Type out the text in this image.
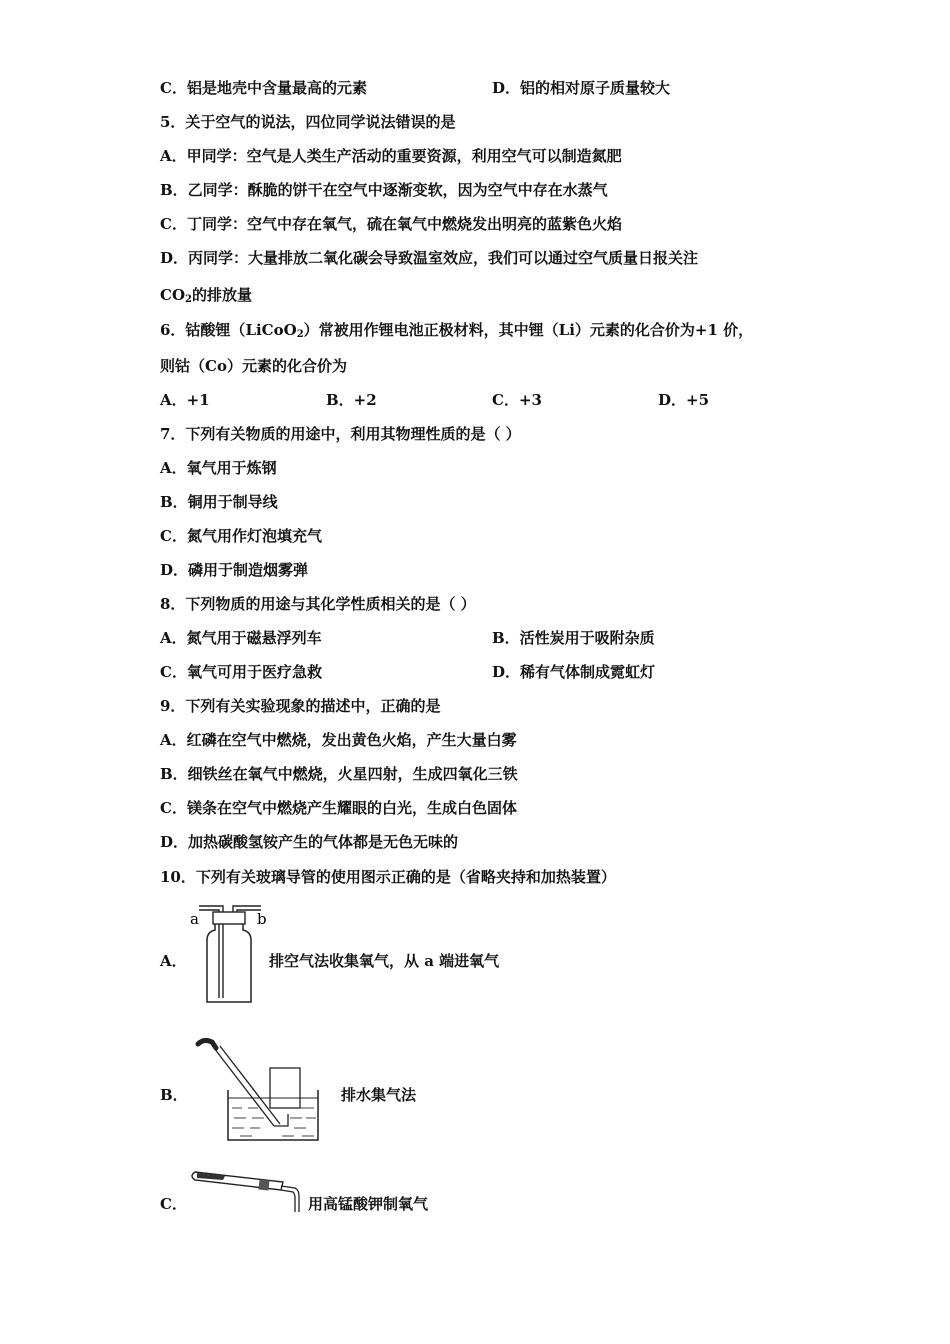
C．铝是地壳中含量最高的元素	D．铝的相对原子质量较大
5．关于空气的说法，四位同学说法错误的是
A．甲同学：空气是人类生产活动的重要资源，利用空气可以制造氮肥
B．乙同学：酥脆的饼干在空气中逐渐变软，因为空气中存在水蒸气
C．丁同学：空气中存在氧气，硫在氧气中燃烧发出明亮的蓝紫色火焰
D．丙同学：大量排放二氧化碳会导致温室效应，我们可以通过空气质量日报关注
$CO_2$的排放量
6．钴酸锂（LiCoO$_2$）常被用作锂电池正极材料，其中锂（Li）元素的化合价为+1 价，
则钴（Co）元素的化合价为
A．+1	B．+2	C．+3	D．+5
7．下列有关物质的用途中，利用其物理性质的是（ ）
A．氧气用于炼钢
B．铜用于制导线
C．氮气用作灯泡填充气
D．磷用于制造烟雾弹
8．下列物质的用途与其化学性质相关的是（ ）
A．氮气用于磁悬浮列车	B．活性炭用于吸附杂质
C．氧气可用于医疗急救	D．稀有气体制成霓虹灯
9．下列有关实验现象的描述中，正确的是
A．红磷在空气中燃烧，发出黄色火焰，产生大量白雾
B．细铁丝在氧气中燃烧，火星四射，生成四氧化三铁
C．镁条在空气中燃烧产生耀眼的白光，生成白色固体
D．加热碳酸氢铵产生的气体都是无色无味的
10．下列有关玻璃导管的使用图示正确的是（省略夹持和加热装置）
A．
a	b
排空气法收集氧气，从 a 端进氧气
B．	排水集气法
C．	用高锰酸钾制氧气
